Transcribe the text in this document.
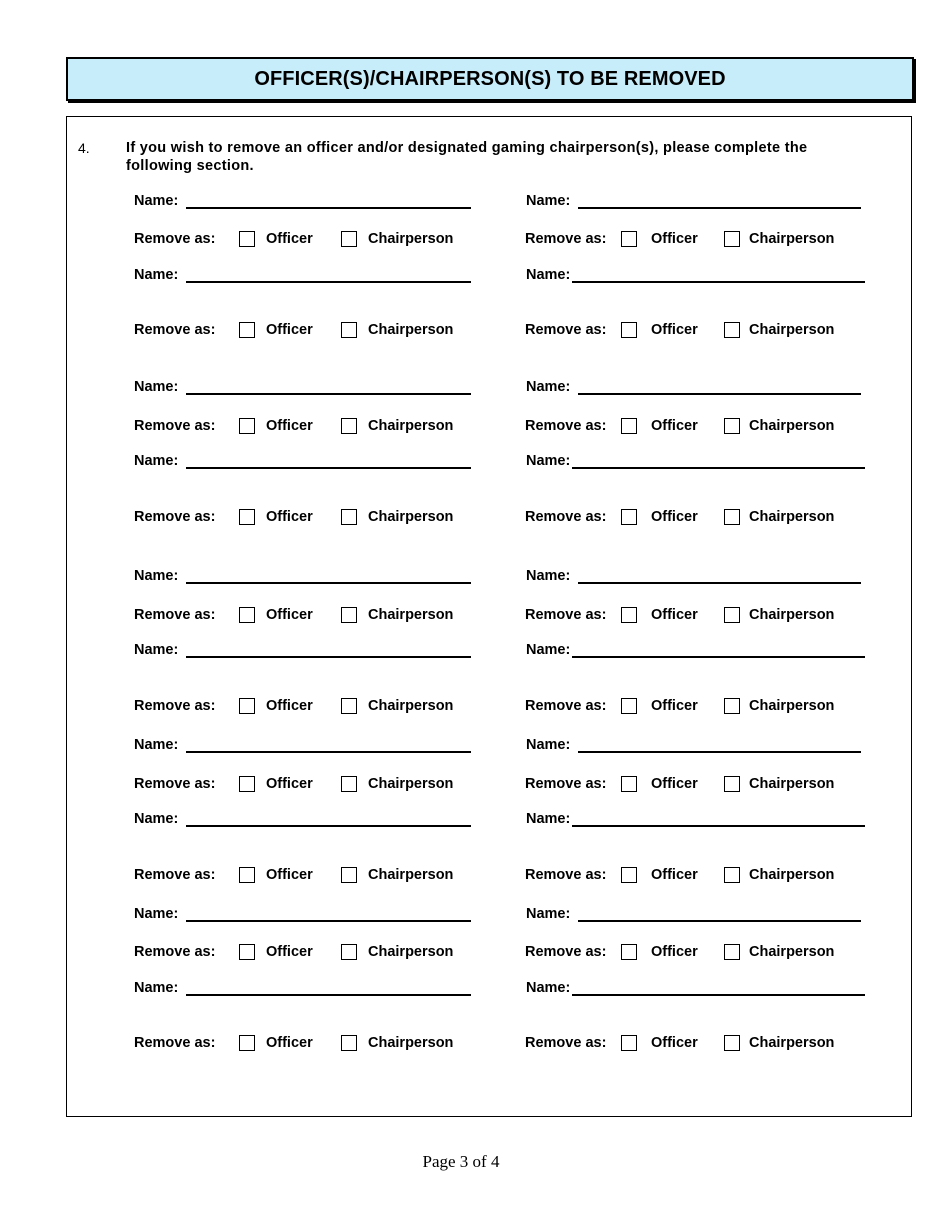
OFFICER(S)/CHAIRPERSON(S) TO BE REMOVED
4.	If you wish to remove an officer and/or designated gaming chairperson(s), please complete the following section.
Name:
Remove as:	Officer	Chairperson
Name:
Remove as:	Officer	Chairperson
Name:
Remove as:	Officer	Chairperson
Name:
Remove as:	Officer	Chairperson
Name:
Remove as:	Officer	Chairperson
Name:
Remove as:	Officer	Chairperson
Name:
Remove as:	Officer	Chairperson
Name:
Remove as:	Officer	Chairperson
Name:
Remove as:	Officer	Chairperson
Name:
Remove as:	Officer	Chairperson
Name:
Remove as:	Officer	Chairperson
Name:
Remove as:	Officer	Chairperson
Name:
Remove as:	Officer	Chairperson
Name:
Remove as:	Officer	Chairperson
Name:
Remove as:	Officer	Chairperson
Name:
Remove as:	Officer	Chairperson
Name:
Remove as:	Officer	Chairperson
Name:
Remove as:	Officer	Chairperson
Name:
Remove as:	Officer	Chairperson
Name:
Remove as:	Officer	Chairperson
Page 3 of 4
